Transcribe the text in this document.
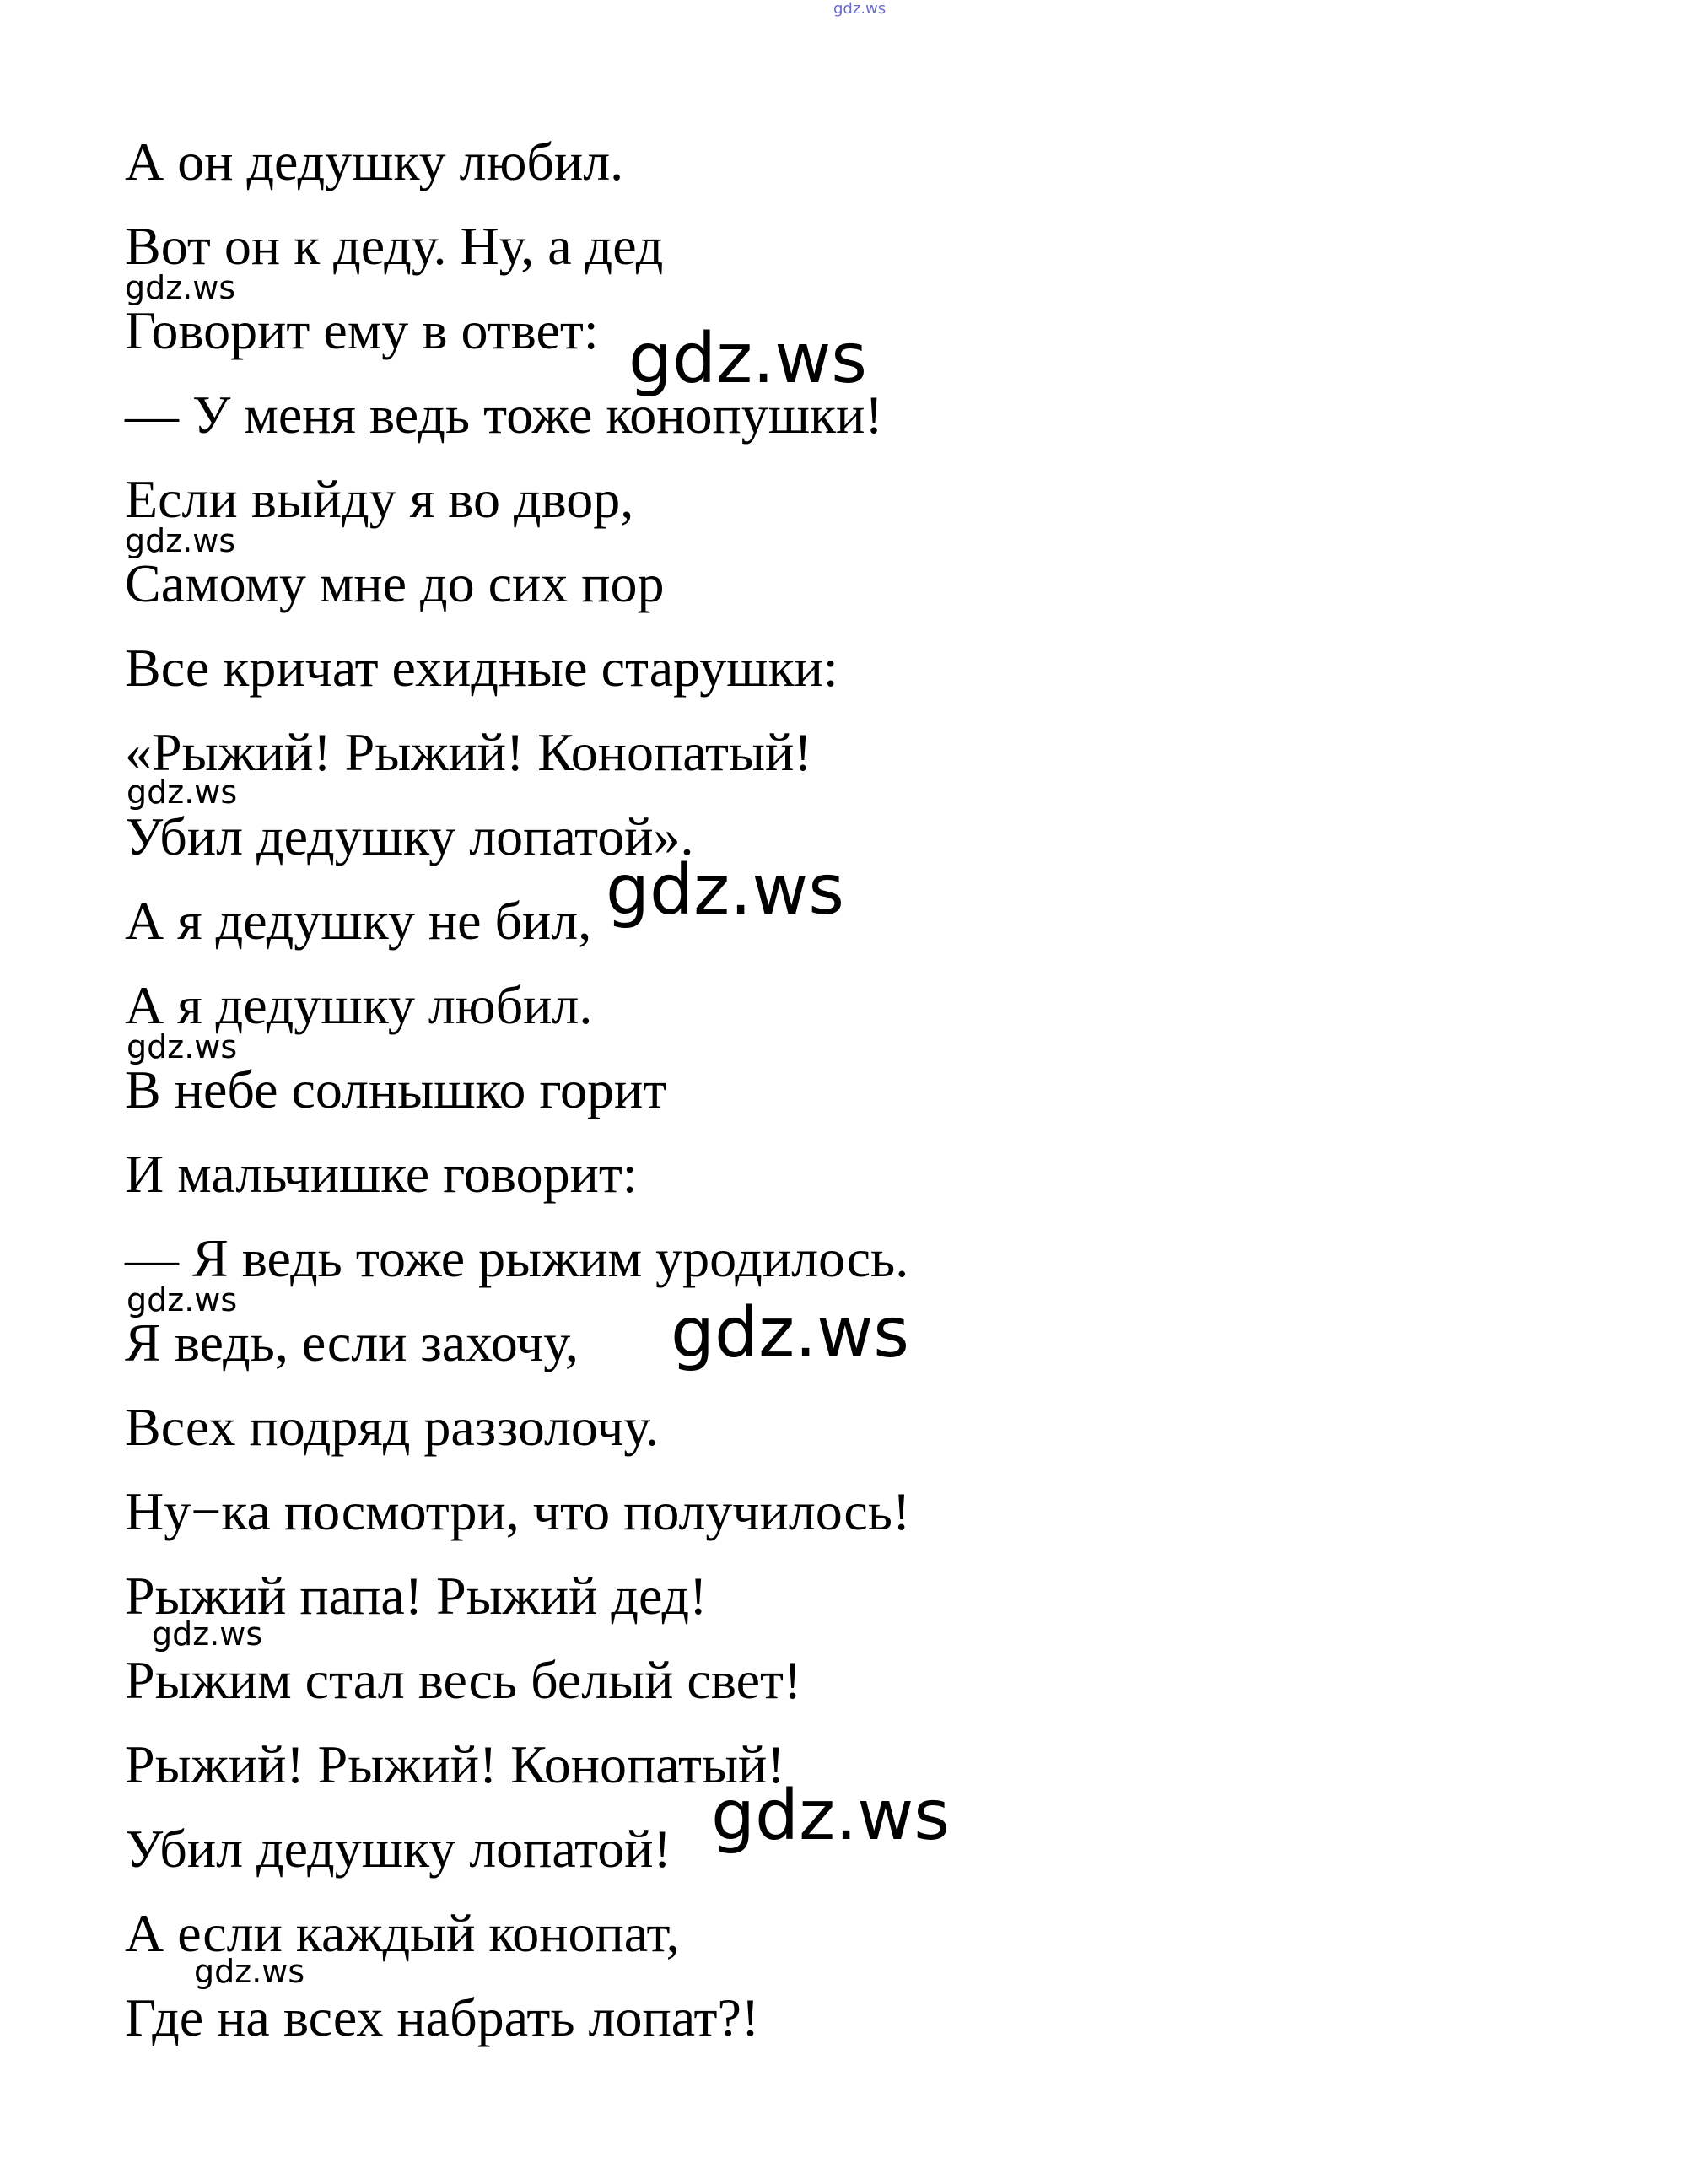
gdz.ws
А он дедушку любил.
Вот он к деду. Ну, а дед
gdz.ws
Говорит ему в ответ: gdz.ws
— У меня ведь тоже конопушки!
Если выйду я во двор,
gdz.ws
Самому мне до сих пор
Все кричат ехидные старушки:
«Рыжий! Рыжий! Конопатый!
gdz.ws
Убил дедушку лопатой».
gdz.ws
А я дедушку не бил,
А я дедушку любил.
gdz.ws
В небе солнышко горит
И мальчишке говорит:
— Я ведь тоже рыжим уродилось.
gdz.ws
Я ведь, если захочу, gdz.ws
Всех подряд раззолочу.
Ну−ка посмотри, что получилось!
Рыжий папа! Рыжий дед!
gdz.ws
Рыжим стал весь белый свет!
Рыжий! Рыжий! Конопатый!
gdz.ws
Убил дедушку лопатой!
А если каждый конопат,
gdz.ws
Где на всех набрать лопат?!
